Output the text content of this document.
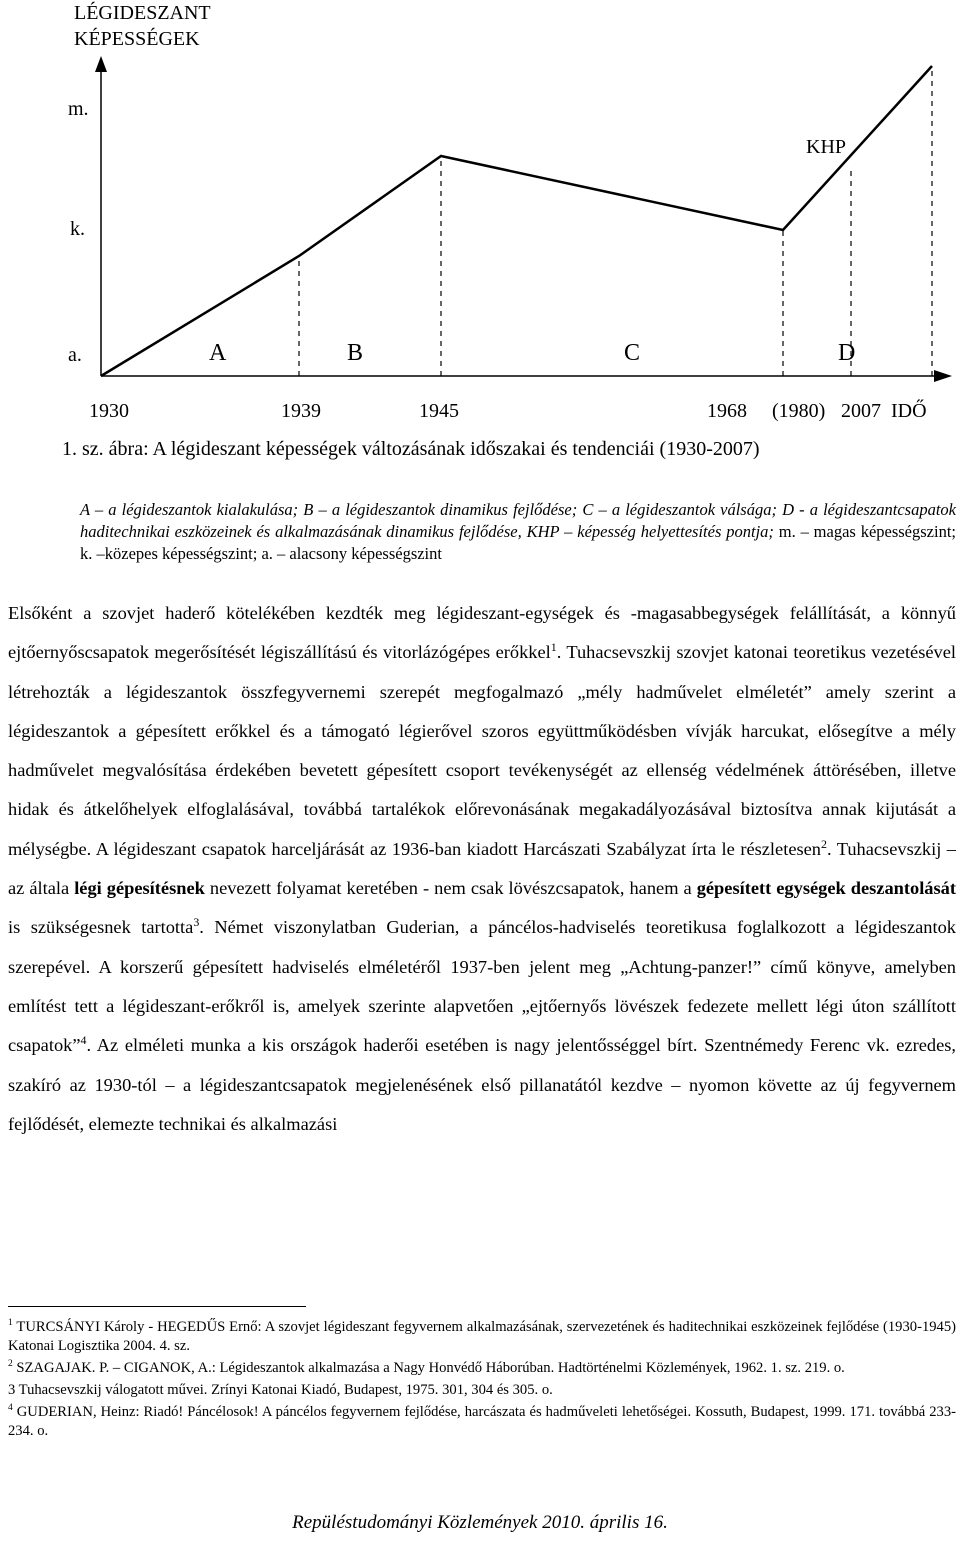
LÉGIDESZANT
KÉPESSÉGEK
m.
k.
a.	A	B	C	D
KHP
1930	1939	1945	1968 (1980) 2007 IDŐ
1. sz. ábra: A légideszant képességek változásának időszakai és tendenciái (1930-2007)
A – a légideszantok kialakulása; B – a légideszantok dinamikus fejlődése; C – a légideszantok válsága; D - a légideszantcsapatok haditechnikai eszközeinek és alkalmazásának dinamikus fejlődése, KHP – képesség helyettesítés pontja; m. – magas képességszint; k. –közepes képességszint; a. – alacsony képességszint
Elsőként a szovjet haderő kötelékében kezdték meg légideszant-egységek és -magasabbegységek felállítását, a könnyű ejtőernyőscsapatok megerősítését légiszállítású és vitorlázógépes erőkkel$^1$. Tuhacsevszkij szovjet katonai teoretikus vezetésével létrehozták a légideszantok összfegyvernemi szerepét megfogalmazó „mély hadművelet elméletét” amely szerint a légideszantok a gépesített erőkkel és a támogató légierővel szoros együttműködésben vívják harcukat, elősegítve a mély hadművelet megvalósítása érdekében bevetett gépesített csoport tevékenységét az ellenség védelmének áttörésében, illetve hidak és átkelőhelyek elfoglalásával, továbbá tartalékok előrevonásának megakadályozásával biztosítva annak kijutását a mélységbe. A légideszant csapatok harceljárását az 1936-ban kiadott Harcászati Szabályzat írta le részletesen$^2$. Tuhacsevszkij – az általa légi gépesítésnek nevezett folyamat keretében - nem csak lövészcsapatok, hanem a gépesített egységek deszantolását is szükségesnek tartotta$^3$. Német viszonylatban Guderian, a páncélos-hadviselés teoretikusa foglalkozott a légideszantok szerepével. A korszerű gépesített hadviselés elméletéről 1937-ben jelent meg „Achtung-panzer!” című könyve, amelyben említést tett a légideszant-erőkről is, amelyek szerinte alapvetően „ejtőernyős lövészek fedezete mellett légi úton szállított csapatok”$^4$. Az elméleti munka a kis országok haderői esetében is nagy jelentősséggel bírt. Szentnémedy Ferenc vk. ezredes, szakíró az 1930-tól – a légideszantcsapatok megjelenésének első pillanatától kezdve – nyomon követte az új fegyvernem fejlődését, elemezte technikai és alkalmazási

$^1$ TURCSÁNYI Károly - HEGEDŰS Ernő: A szovjet légideszant fegyvernem alkalmazásának, szervezetének és haditechnikai eszközeinek fejlődése (1930-1945) Katonai Logisztika 2004. 4. sz.

$^2$ SZAGAJAK. P. – CIGANOK, A.: Légideszantok alkalmazása a Nagy Honvédő Háborúban. Hadtörténelmi Közlemények, 1962. 1. sz. 219. o.

3 Tuhacsevszkij válogatott művei. Zrínyi Katonai Kiadó, Budapest, 1975. 301, 304 és 305. o.

$^4$ GUDERIAN, Heinz: Riadó! Páncélosok! A páncélos fegyvernem fejlődése, harcászata és hadműveleti lehetőségei. Kossuth, Budapest, 1999. 171. továbbá 233-234. o.

Repüléstudományi Közlemények 2010. április 16.
